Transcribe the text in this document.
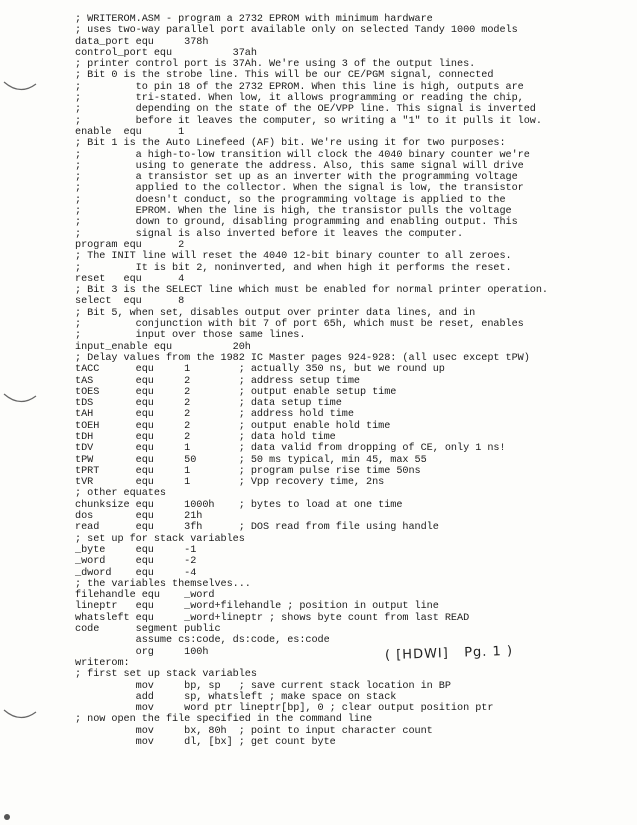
; WRITEROM.ASM - program a 2732 EPROM with minimum hardware
; uses two-way parallel port available only on selected Tandy 1000 models
data_port equ     378h
control_port equ          37ah
; printer control port is 37Ah. We're using 3 of the output lines.
; Bit 0 is the strobe line. This will be our CE/PGM signal, connected
;         to pin 18 of the 2732 EPROM. When this line is high, outputs are
;         tri-stated. When low, it allows programming or reading the chip,
;         depending on the state of the OE/VPP line. This signal is inverted
;         before it leaves the computer, so writing a "1" to it pulls it low.
enable  equ      1
; Bit 1 is the Auto Linefeed (AF) bit. We're using it for two purposes:
;         a high-to-low transition will clock the 4040 binary counter we're
;         using to generate the address. Also, this same signal will drive
;         a transistor set up as an inverter with the programming voltage
;         applied to the collector. When the signal is low, the transistor
;         doesn't conduct, so the programming voltage is applied to the
;         EPROM. When the line is high, the transistor pulls the voltage
;         down to ground, disabling programming and enabling output. This
;         signal is also inverted before it leaves the computer.
program equ      2
; The INIT line will reset the 4040 12-bit binary counter to all zeroes.
;         It is bit 2, noninverted, and when high it performs the reset.
reset   equ      4
; Bit 3 is the SELECT line which must be enabled for normal printer operation.
select  equ      8
; Bit 5, when set, disables output over printer data lines, and in
;         conjunction with bit 7 of port 65h, which must be reset, enables
;         input over those same lines.
input_enable equ          20h
; Delay values from the 1982 IC Master pages 924-928: (all usec except tPW)
tACC      equ     1        ; actually 350 ns, but we round up
tAS       equ     2        ; address setup time
tOES      equ     2        ; output enable setup time
tDS       equ     2        ; data setup time
tAH       equ     2        ; address hold time
tOEH      equ     2        ; output enable hold time
tDH       equ     2        ; data hold time
tDV       equ     1        ; data valid from dropping of CE, only 1 ns!
tPW       equ     50       ; 50 ms typical, min 45, max 55
tPRT      equ     1        ; program pulse rise time 50ns
tVR       equ     1        ; Vpp recovery time, 2ns
; other equates
chunksize equ     1000h    ; bytes to load at one time
dos       equ     21h
read      equ     3fh      ; DOS read from file using handle
; set up for stack variables
_byte     equ     -1
_word     equ     -2
_dword    equ     -4
; the variables themselves...
filehandle equ    _word
lineptr   equ     _word+filehandle ; position in output line
whatsleft equ     _word+lineptr ; shows byte count from last READ
code      segment public
assume cs:code, ds:code, es:code
org     100h
writerom:
; first set up stack variables
mov     bp, sp   ; save current stack location in BP
add     sp, whatsleft ; make space on stack
mov     word ptr lineptr[bp], 0 ; clear output position ptr
; now open the file specified in the command line
mov     bx, 80h  ; point to input character count
mov     dl, [bx] ; get count byte
( [HDWI]   Pg. 1 )
